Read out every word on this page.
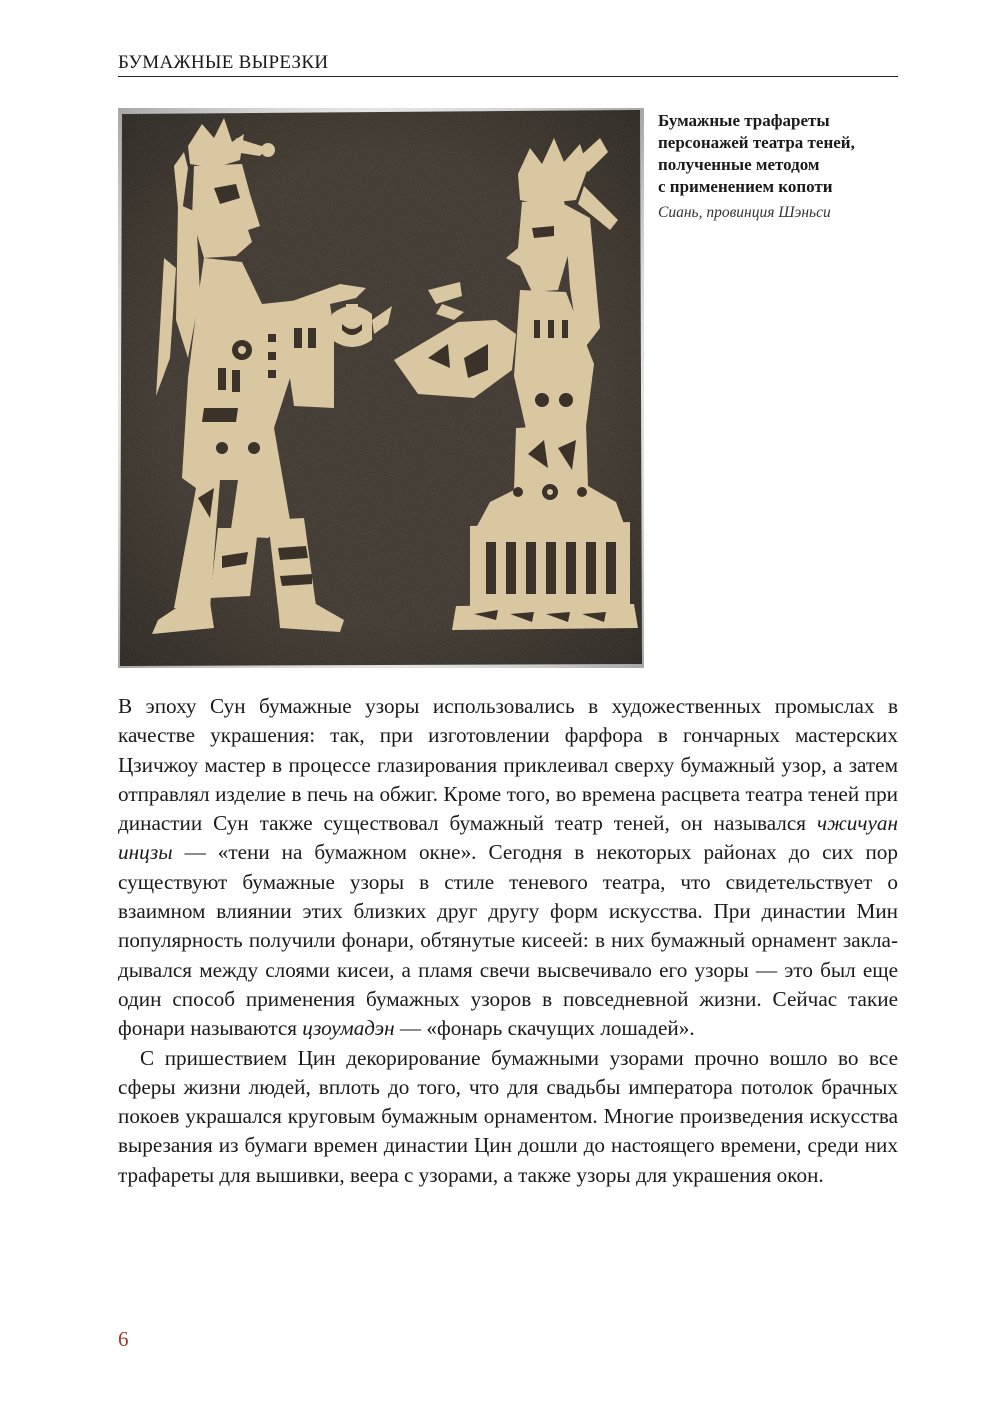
БУМАЖНЫЕ ВЫРЕЗКИ

Бумажные трафареты
персонажей театра теней,
полученные методом
с применением копоти

Сиань, провинция Шэньси

В эпоху Сун бумажные узоры использовались в художественных промыслах в качестве украшения: так, при изготовлении фарфора в гончарных мастерских Цзичжоу мастер в процессе глазирования приклеивал сверху бумажный узор, а затем отправлял изделие в печь на обжиг. Кроме того, во времена расцвета театра теней при династии Сун также существовал бумажный театр теней, он назывался чжичуан инцзы — «тени на бумажном окне». Сегодня в некоторых районах до сих пор существуют бумажные узоры в стиле теневого театра, что свидетельствует о взаимном влиянии этих близких друг другу форм искусства. При династии Мин популярность получили фонари, обтянутые кисеей: в них бумажный орнамент закладывался между слоями кисеи, а пламя свечи высвечивало его узоры — это был еще один способ применения бумажных узоров в повседневной жизни. Сейчас такие фонари называются цзоумадэн — «фонарь скачущих лошадей».

С пришествием Цин декорирование бумажными узорами прочно вошло во все сферы жизни людей, вплоть до того, что для свадьбы императора потолок брачных покоев украшался круговым бумажным орнаментом. Многие произведения искусства вырезания из бумаги времен династии Цин дошли до настоящего времени, среди них трафареты для вышивки, веера с узорами, а также узоры для украшения окон.

6
